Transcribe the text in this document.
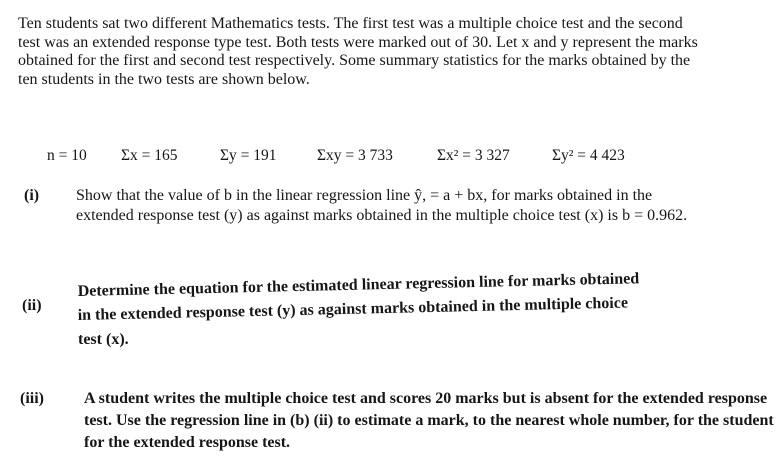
Ten students sat two different Mathematics tests. The first test was a multiple choice test and the second test was an extended response type test. Both tests were marked out of 30. Let x and y represent the marks obtained for the first and second test respectively. Some summary statistics for the marks obtained by the ten students in the two tests are shown below.
n = 10 Σx = 165	Σy = 191	Σxy = 3 733	Σx² = 3 327	Σy² = 4 423
(i) Show that the value of b in the linear regression line ŷ, = a + bx, for marks obtained in the extended response test (y) as against marks obtained in the multiple choice test (x) is b = 0.962.
(ii)
Determine the equation for the estimated linear regression line for marks obtained
in the extended response test (y) as against marks obtained in the multiple choice
test (x).
(iii)	A student writes the multiple choice test and scores 20 marks but is absent for the extended response test. Use the regression line in (b) (ii) to estimate a mark, to the nearest whole number, for the student for the extended response test.
